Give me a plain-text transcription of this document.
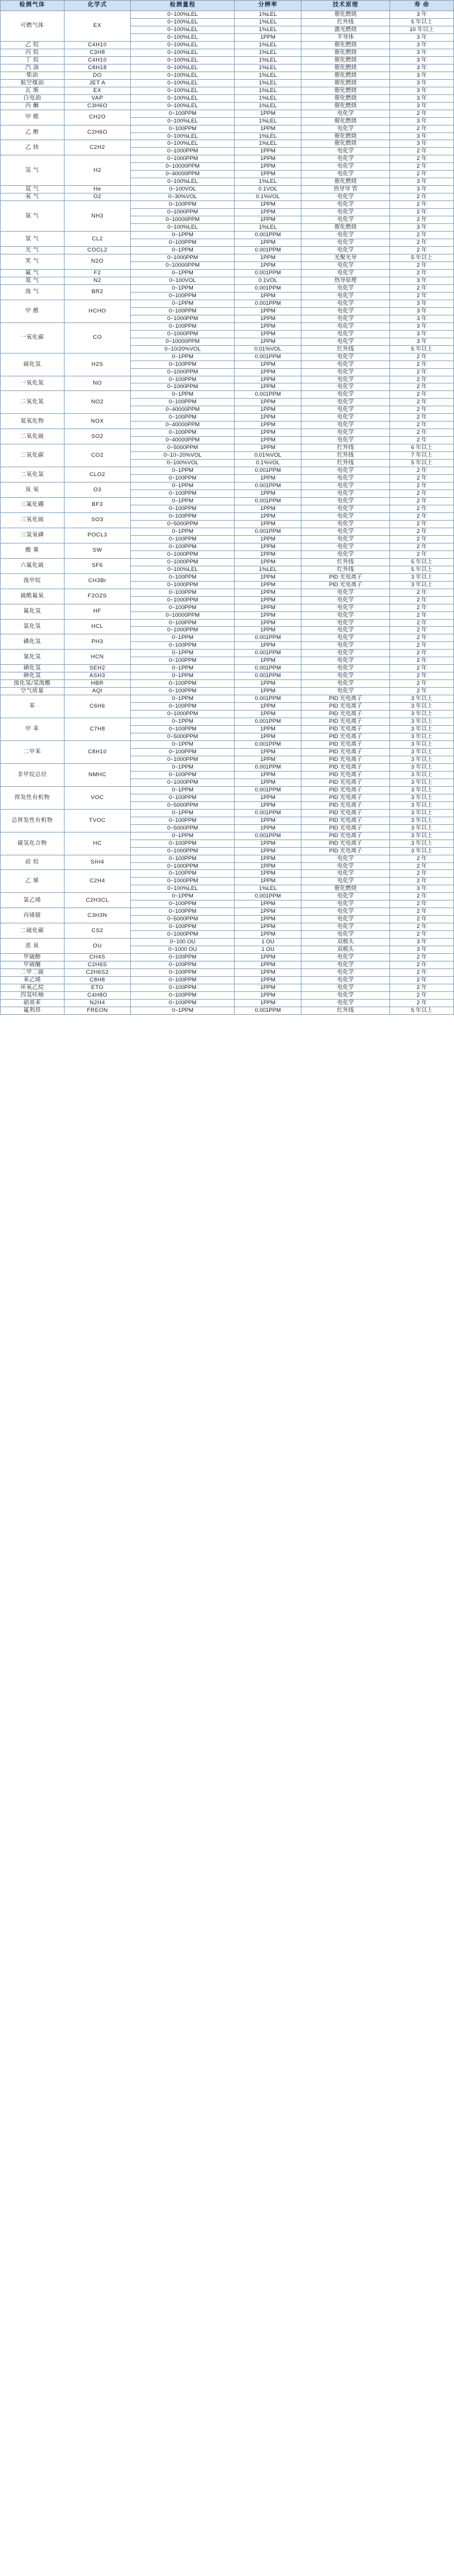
检测气体	化学式	检测量程	分辨率	技术原理	寿 命
可燃气体	EX	0~100%LEL	1%LEL	催化燃烧	3 年
		0~100%LEL	1%LEL	红外线	5 年以上
		0~100%LEL	1%LEL	激光燃烧	10 年以上
		0~100%LEL	1PPM	半导体	3 年
乙 烷	C4H10	0~100%LEL	1%LEL	催化燃烧	3 年
丙 烷	C3H8	0~100%LEL	1%LEL	催化燃烧	3 年
丁 烷	C4H10	0~100%LEL	1%LEL	催化燃烧	3 年
汽 油	C8H18	0~100%LEL	1%LEL	催化燃烧	3 年
柴油	DO	0~100%LEL	1%LEL	催化燃烧	3 年
航空煤油	JET A	0~100%LEL	1%LEL	催化燃烧	3 年
瓦 斯	EX	0~100%LEL	1%LEL	催化燃烧	3 年
白电油	VAP	0~100%LEL	1%LEL	催化燃烧	3 年
丙 酮	C3H6O	0~100%LEL	1%LEL	催化燃烧	3 年
甲 醛	CH2O	0~100PPM	1PPM	电化学	2 年
		0~100%LEL	1%LEL	催化燃烧	3 年
乙 醇	C2H6O	0~100PPM	1PPM	电化学	2 年
		0~100%LEL	1%LEL	催化燃烧	3 年
乙 炔	C2H2	0~100%LEL	1%LEL	催化燃烧	3 年
		0~1000PPM	1PPM	电化学	2 年
氢 气	H2	0~1000PPM	1PPM	电化学	2 年
		0~10000PPM	1PPM	电化学	2 年
		0~40000PPM	1PPM	电化学	2 年
		0~100%LEL	1%LEL	催化燃烧	3 年
氦 气	He	0~100VOL	0.1VOL	热导导 管	3 年
氧 气	O2	0~30%VOL	0.1%VOL	电化学	2 年
氨 气	NH3	0~100PPM	1PPM	电化学	2 年
		0~1000PPM	1PPM	电化学	2 年
		0~10000PPM	1PPM	电化学	2 年
		0~100%LEL	1%LEL	催化燃烧	3 年
氯 气	CL2	0~1PPM	0.001PPM	电化学	2 年
		0~100PPM	1PPM	电化学	2 年
光 气	COCL2	0~1PPM	0.001PPM	电化学	2 年
笑 气	N2O	0~1000PPM	1PPM	光聚光导	5 年以上
		0~10000PPM	1PPM	电化学	2 年
氟 气	F2	0~1PPM	0.001PPM	电化学	2 年
氮 气	N2	0~100VOL	0.1VOL	热导原理	3 年
溴 气	BR2	0~1PPM	0.001PPM	电化学	2 年
		0~100PPM	1PPM	电化学	2 年
甲 醛	HCHO	0~1PPM	0.001PPM	电化学	3 年
		0~100PPM	1PPM	电化学	3 年
		0~1000PPM	1PPM	电化学	3 年
一氧化碳	CO	0~100PPM	1PPM	电化学	3 年
		0~1000PPM	1PPM	电化学	3 年
		0~10000PPM	1PPM	电化学	3 年
		0~10/20%VOL	0.01%VOL	红外线	5 年以上
硫化氢	H2S	0~1PPM	0.001PPM	电化学	2 年
		0~100PPM	1PPM	电化学	2 年
		0~1000PPM	1PPM	电化学	2 年
一氧化氮	NO	0~100PPM	1PPM	电化学	2 年
		0~1000PPM	1PPM	电化学	2 年
二氧化氮	NO2	0~1PPM	0.001PPM	电化学	2 年
		0~100PPM	1PPM	电化学	2 年
		0~40000PPM	1PPM	电化学	2 年
氮氧化物	NOX	0~100PPM	1PPM	电化学	2 年
		0~40000PPM	1PPM	电化学	2 年
二氧化硫	SO2	0~100PPM	1PPM	电化学	2 年
		0~40000PPM	1PPM	电化学	2 年
二氧化碳	CO2	0~5000PPM	1PPM	红外线	6 年以上
		0~10~20%VOL	0.01%VOL	红外线	7 年以上
		0~100%VOL	0.1%VOL	红外线	5 年以上
二氧化氯	CLO2	0~1PPM	0.001PPM	电化学	2 年
		0~100PPM	1PPM	电化学	2 年
臭 氧	O3	0~1PPM	0.001PPM	电化学	2 年
		0~100PPM	1PPM	电化学	2 年
三氟化硼	BF3	0~1PPM	0.001PPM	电化学	2 年
		0~100PPM	1PPM	电化学	2 年
三氧化硫	SO3	0~100PPM	1PPM	电化学	2 年
		0~5000PPM	1PPM	电化学	2 年
三氯氧磷	POCL3	0~1PPM	0.001PPM	电化学	2 年
		0~100PPM	1PPM	电化学	2 年
酸 雾	SW	0~100PPM	1PPM	电化学	2 年
		0~1000PPM	1PPM	电化学	2 年
六氟化硫	SF6	0~1000PPM	1PPM	红外线	5 年以上
		0~100%LEL	1%LEL	红外线	5 年以上
溴甲烷	CH3Br	0~100PPM	1PPM	PID 光电离子	3 年以上
		0~1000PPM	1PPM	PID 光电离子	3 年以上
硫酰氟氧	F2O2S	0~100PPM	1PPM	电化学	2 年
		0~1000PPM	1PPM	电化学	2 年
氟化氢	HF	0~100PPM	1PPM	电化学	2 年
		0~10000PPM	1PPM	电化学	2 年
氯化氢	HCL	0~100PPM	1PPM	电化学	2 年
		0~1000PPM	1PPM	电化学	2 年
磷化氢	PH3	0~1PPM	0.001PPM	电化学	2 年
		0~100PPM	1PPM	电化学	2 年
氰化氢	HCN	0~1PPM	0.001PPM	电化学	2 年
		0~100PPM	1PPM	电化学	2 年
硒化氢	SEH2	0~1PPM	0.001PPM	电化学	2 年
砷化氢	ASH3	0~1PPM	0.001PPM	电化学	2 年
溴化氢/氢溴酸	HBR	0~100PPM	1PPM	电化学	2 年
空气质量	AQI	0~100PPM	1PPM	电化学	2 年
苯	C6H6	0~1PPM	0.001PPM	PID 光电离子	3 年以上
		0~100PPM	1PPM	PID 光电离子	3 年以上
		0~1000PPM	1PPM	PID 光电离子	3 年以上
甲 苯	C7H8	0~1PPM	0.001PPM	PID 光电离子	3 年以上
		0~100PPM	1PPM	PID 光电离子	3 年以上
		0~5000PPM	1PPM	PID 光电离子	3 年以上
二甲苯	C8H10	0~1PPM	0.001PPM	PID 光电离子	3 年以上
		0~100PPM	1PPM	PID 光电离子	3 年以上
		0~1000PPM	1PPM	PID 光电离子	3 年以上
非甲烷总烃	NMHC	0~1PPM	0.001PPM	PID 光电离子	3 年以上
		0~100PPM	1PPM	PID 光电离子	3 年以上
		0~1000PPM	1PPM	PID 光电离子	3 年以上
挥发性有机物	VOC	0~1PPM	0.001PPM	PID 光电离子	3 年以上
		0~100PPM	1PPM	PID 光电离子	3 年以上
		0~5000PPM	1PPM	PID 光电离子	3 年以上
总挥发性有机物	TVOC	0~1PPM	0.001PPM	PID 光电离子	3 年以上
		0~100PPM	1PPM	PID 光电离子	3 年以上
		0~5000PPM	1PPM	PID 光电离子	3 年以上
碳氢化合物	HC	0~1PPM	0.001PPM	PID 光电离子	3 年以上
		0~100PPM	1PPM	PID 光电离子	3 年以上
		0~1000PPM	1PPM	PID 光电离子	3 年以上
硅 烷	SIH4	0~100PPM	1PPM	电化学	2 年
		0~1000PPM	1PPM	电化学	2 年
乙 烯	C2H4	0~100PPM	1PPM	电化学	2 年
		0~1000PPM	1PPM	电化学	2 年
		0~100%LEL	1%LEL	催化燃烧	3 年
氯乙烯	C2H3CL	0~1PPM	0.001PPM	电化学	2 年
		0~100PPM	1PPM	电化学	2 年
丙烯腈	C3H3N	0~100PPM	1PPM	电化学	2 年
		0~5000PPM	1PPM	电化学	2 年
二硫化碳	CS2	0~100PPM	1PPM	电化学	2 年
		0~1000PPM	1PPM	电化学	2 年
恶 臭	OU	0~100 OU	1 OU	双极头	3 年
		0~1000 OU	1 OU	双极头	3 年
甲硫醇	CH4S	0~100PPM	1PPM	电化学	2 年
甲硫醚	C2H6S	0~100PPM	1PPM	电化学	2 年
二甲二硫	C2H6S2	0~100PPM	1PPM	电化学	2 年
苯乙烯	C8H8	0~100PPM	1PPM	电化学	2 年
环氧乙烷	ETO	0~100PPM	1PPM	电化学	2 年
四氢呋喃	C4H8O	0~100PPM	1PPM	电化学	2 年
硝基苯	N2H4	0~100PPM	1PPM	电化学	2 年
氟利昂	FREON	0~1PPM	0.001PPM	红外线	5 年以上
